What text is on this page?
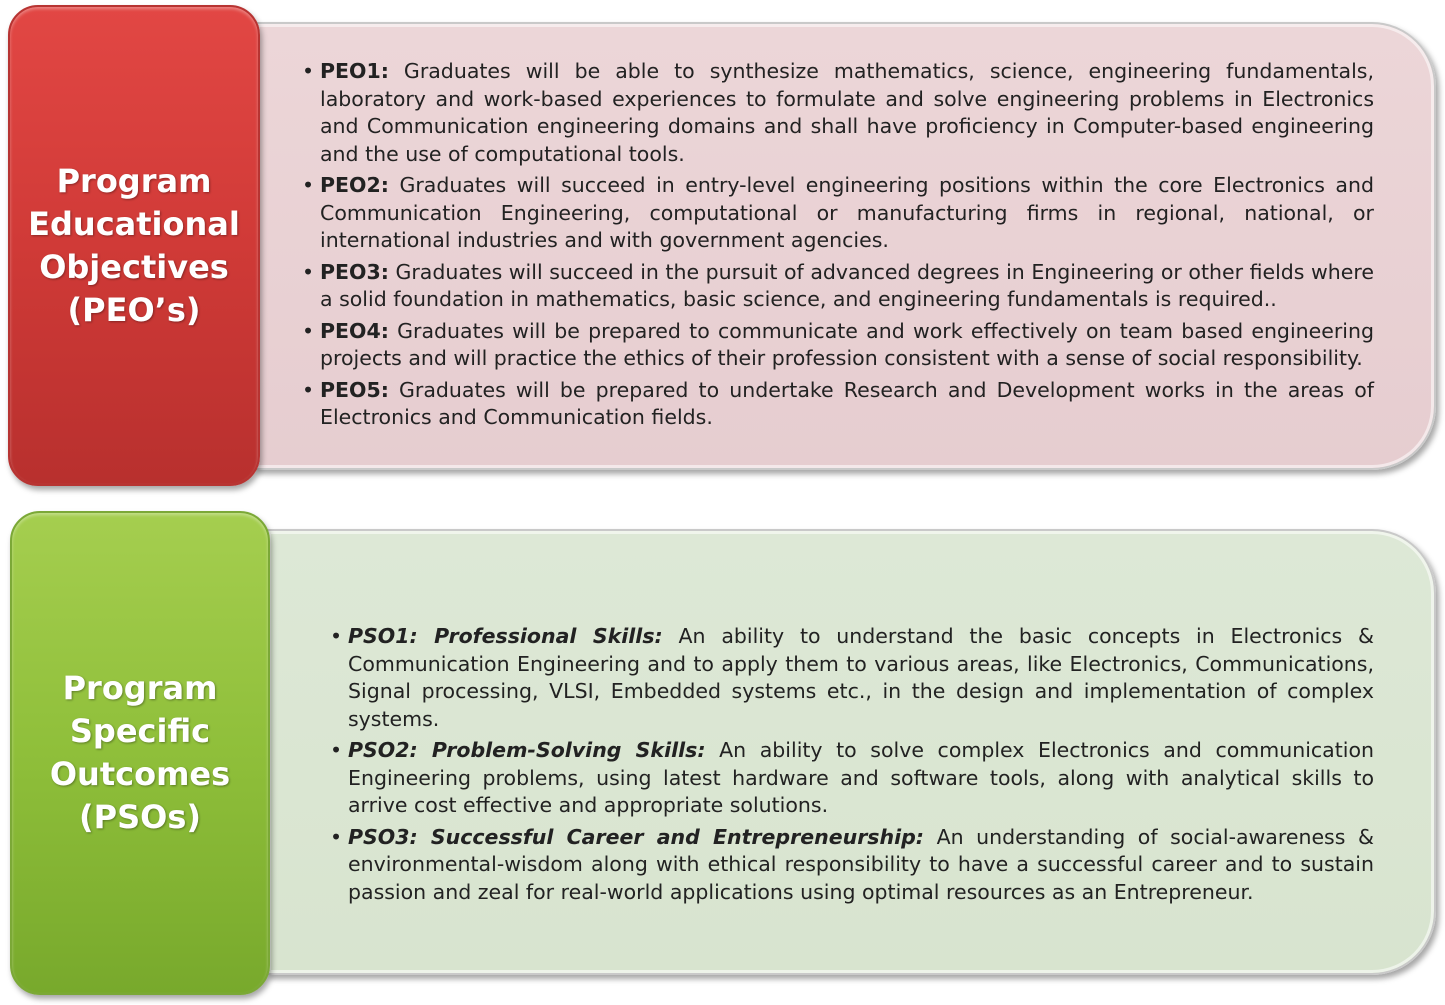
• PEO1: Graduates will be able to synthesize mathematics, science, engineering fundamentals, laboratory and work-based experiences to formulate and solve engineering problems in Electronics and Communication engineering domains and shall have proficiency in Computer-based engineering and the use of computational tools.
• PEO2: Graduates will succeed in entry-level engineering positions within the core Electronics and Communication Engineering, computational or manufacturing firms in regional, national, or international industries and with government agencies.
• PEO3: Graduates will succeed in the pursuit of advanced degrees in Engineering or other fields where a solid foundation in mathematics, basic science, and engineering fundamentals is required..
• PEO4: Graduates will be prepared to communicate and work effectively on team based engineering projects and will practice the ethics of their profession consistent with a sense of social responsibility.
• PEO5: Graduates will be prepared to undertake Research and Development works in the areas of Electronics and Communication fields.
Program
Educational
Objectives
(PEO’s)
• PSO1: Professional Skills: An ability to understand the basic concepts in Electronics & Communication Engineering and to apply them to various areas, like Electronics, Communications, Signal processing, VLSI, Embedded systems etc., in the design and implementation of complex systems.
• PSO2: Problem-Solving Skills: An ability to solve complex Electronics and communication Engineering problems, using latest hardware and software tools, along with analytical skills to arrive cost effective and appropriate solutions.
• PSO3: Successful Career and Entrepreneurship: An understanding of social-awareness & environmental-wisdom along with ethical responsibility to have a successful career and to sustain passion and zeal for real-world applications using optimal resources as an Entrepreneur.
Program
Specific
Outcomes
(PSOs)
